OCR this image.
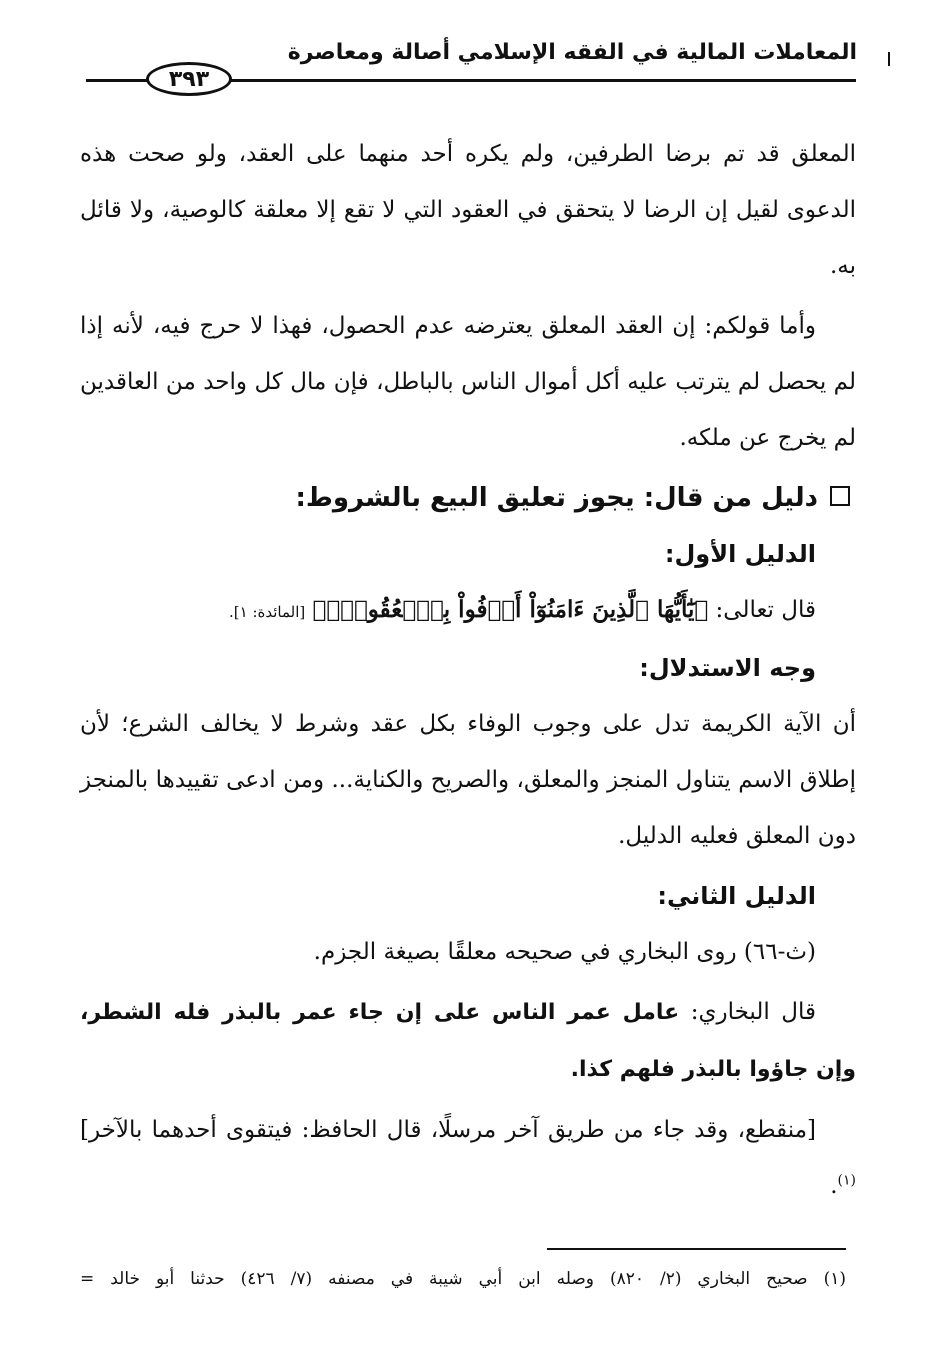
المعاملات المالية في الفقه الإسلامي أصالة ومعاصرة
٣٩٣

المعلق قد تم برضا الطرفين، ولم يكره أحد منهما على العقد، ولو صحت هذه الدعوى لقيل إن الرضا لا يتحقق في العقود التي لا تقع إلا معلقة كالوصية، ولا قائل به.

وأما قولكم: إن العقد المعلق يعترضه عدم الحصول، فهذا لا حرج فيه، لأنه إذا لم يحصل لم يترتب عليه أكل أموال الناس بالباطل، فإن مال كل واحد من العاقدين لم يخرج عن ملكه.

دليل من قال: يجوز تعليق البيع بالشروط:

الدليل الأول:

قال تعالى: ﴿يَٰٓأَيُّهَا ٱلَّذِينَ ءَامَنُوٓاْ أَوۡفُواْ بِٱلۡعُقُودِۚ﴾ [المائدة: ١].

وجه الاستدلال:

أن الآية الكريمة تدل على وجوب الوفاء بكل عقد وشرط لا يخالف الشرع؛ لأن إطلاق الاسم يتناول المنجز والمعلق، والصريح والكناية... ومن ادعى تقييدها بالمنجز دون المعلق فعليه الدليل.

الدليل الثاني:

(ث-٦٦) روى البخاري في صحيحه معلقًا بصيغة الجزم.

قال البخاري: عامل عمر الناس على إن جاء عمر بالبذر فله الشطر، وإن جاؤوا بالبذر فلهم كذا.

[منقطع، وقد جاء من طريق آخر مرسلًا، قال الحافظ: فيتقوى أحدهما بالآخر]$^{(١)}$.

(١) صحيح البخاري (٢/ ٨٢٠) وصله ابن أبي شيبة في مصنفه (٧/ ٤٢٦) حدثنا أبو خالد =
